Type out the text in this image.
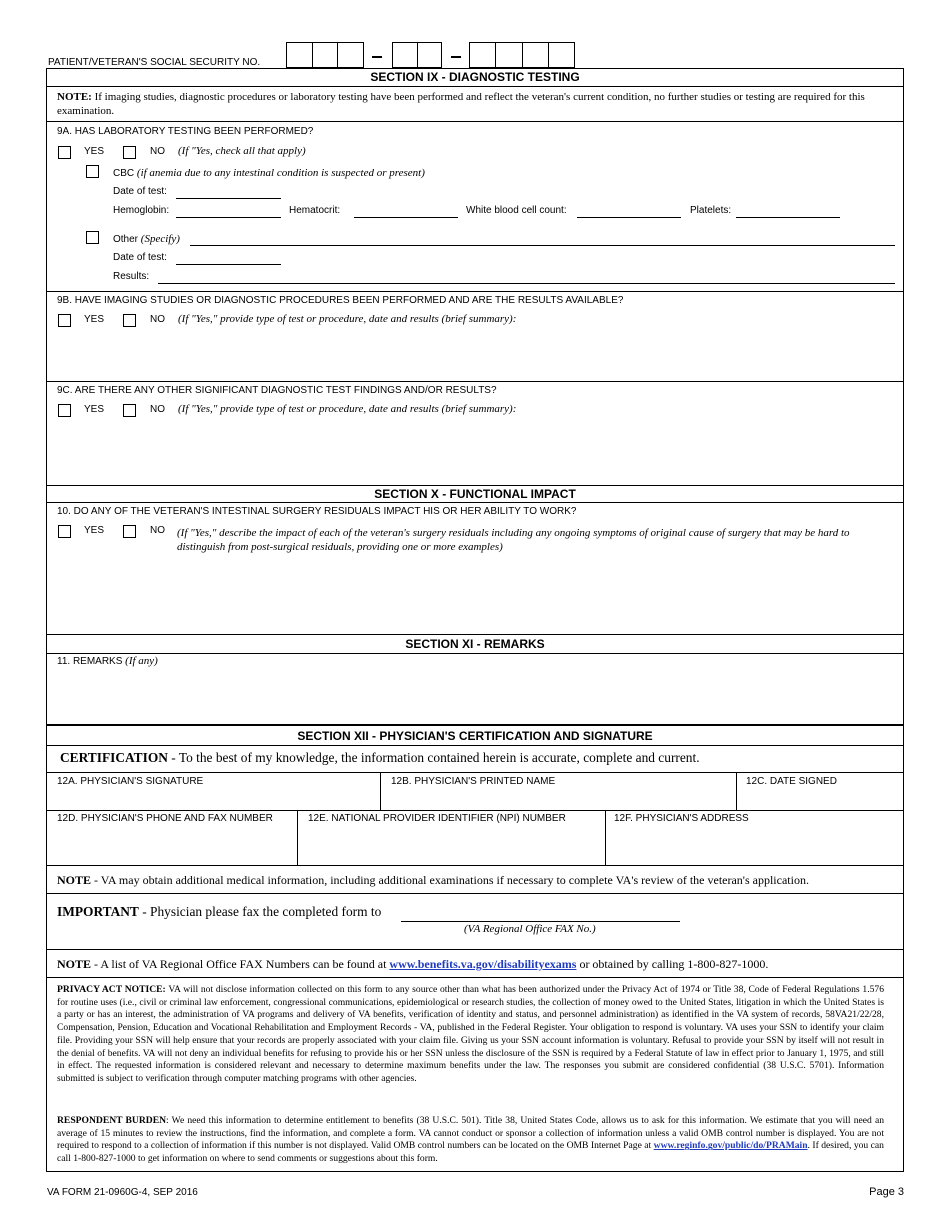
PATIENT/VETERAN'S SOCIAL SECURITY NO.
SECTION IX - DIAGNOSTIC TESTING
NOTE: If imaging studies, diagnostic procedures or laboratory testing have been performed and reflect the veteran's current condition, no further studies or testing are required for this examination.
9A. HAS LABORATORY TESTING BEEN PERFORMED?
YES	NO (If "Yes, check all that apply)
CBC (if anemia due to any intestinal condition is suspected or present)
Date of test:
Hemoglobin:	Hematocrit:	White blood cell count:	Platelets:
Other (Specify)
Date of test:
Results:
9B. HAVE IMAGING STUDIES OR DIAGNOSTIC PROCEDURES BEEN PERFORMED AND ARE THE RESULTS AVAILABLE?
YES	NO (If "Yes," provide type of test or procedure, date and results (brief summary):
9C. ARE THERE ANY OTHER SIGNIFICANT DIAGNOSTIC TEST FINDINGS AND/OR RESULTS?
YES	NO (If "Yes," provide type of test or procedure, date and results (brief summary):
SECTION X - FUNCTIONAL IMPACT
10. DO ANY OF THE VETERAN'S INTESTINAL SURGERY RESIDUALS IMPACT HIS OR HER ABILITY TO WORK?
YES	NO (If "Yes," describe the impact of each of the veteran's surgery residuals including any ongoing symptoms of original cause of surgery that may be hard to distinguish from post-surgical residuals, providing one or more examples)
SECTION XI - REMARKS
11. REMARKS (If any)
SECTION XII - PHYSICIAN'S CERTIFICATION AND SIGNATURE
CERTIFICATION - To the best of my knowledge, the information contained herein is accurate, complete and current.
12A. PHYSICIAN'S SIGNATURE	12B. PHYSICIAN'S PRINTED NAME	12C. DATE SIGNED
12D. PHYSICIAN'S PHONE AND FAX NUMBER	12E. NATIONAL PROVIDER IDENTIFIER (NPI) NUMBER	12F. PHYSICIAN'S ADDRESS
NOTE - VA may obtain additional medical information, including additional examinations if necessary to complete VA's review of the veteran's application.
IMPORTANT - Physician please fax the completed form to
(VA Regional Office FAX No.)
NOTE - A list of VA Regional Office FAX Numbers can be found at www.benefits.va.gov/disabilityexams or obtained by calling 1-800-827-1000.
PRIVACY ACT NOTICE: VA will not disclose information collected on this form to any source other than what has been authorized under the Privacy Act of 1974 or Title 38, Code of Federal Regulations 1.576 for routine uses (i.e., civil or criminal law enforcement, congressional communications, epidemiological or research studies, the collection of money owed to the United States, litigation in which the United States is a party or has an interest, the administration of VA programs and delivery of VA benefits, verification of identity and status, and personnel administration) as identified in the VA system of records, 58VA21/22/28, Compensation, Pension, Education and Vocational Rehabilitation and Employment Records - VA, published in the Federal Register. Your obligation to respond is voluntary. VA uses your SSN to identify your claim file. Providing your SSN will help ensure that your records are properly associated with your claim file. Giving us your SSN account information is voluntary. Refusal to provide your SSN by itself will not result in the denial of benefits. VA will not deny an individual benefits for refusing to provide his or her SSN unless the disclosure of the SSN is required by a Federal Statute of law in effect prior to January 1, 1975, and still in effect. The requested information is considered relevant and necessary to determine maximum benefits under the law. The responses you submit are considered confidential (38 U.S.C. 5701). Information submitted is subject to verification through computer matching programs with other agencies.
RESPONDENT BURDEN: We need this information to determine entitlement to benefits (38 U.S.C. 501). Title 38, United States Code, allows us to ask for this information. We estimate that you will need an average of 15 minutes to review the instructions, find the information, and complete a form. VA cannot conduct or sponsor a collection of information unless a valid OMB control number is displayed. You are not required to respond to a collection of information if this number is not displayed. Valid OMB control numbers can be located on the OMB Internet Page at www.reginfo.gov/public/do/PRAMain. If desired, you can call 1-800-827-1000 to get information on where to send comments or suggestions about this form.
VA FORM 21-0960G-4, SEP 2016	Page 3
